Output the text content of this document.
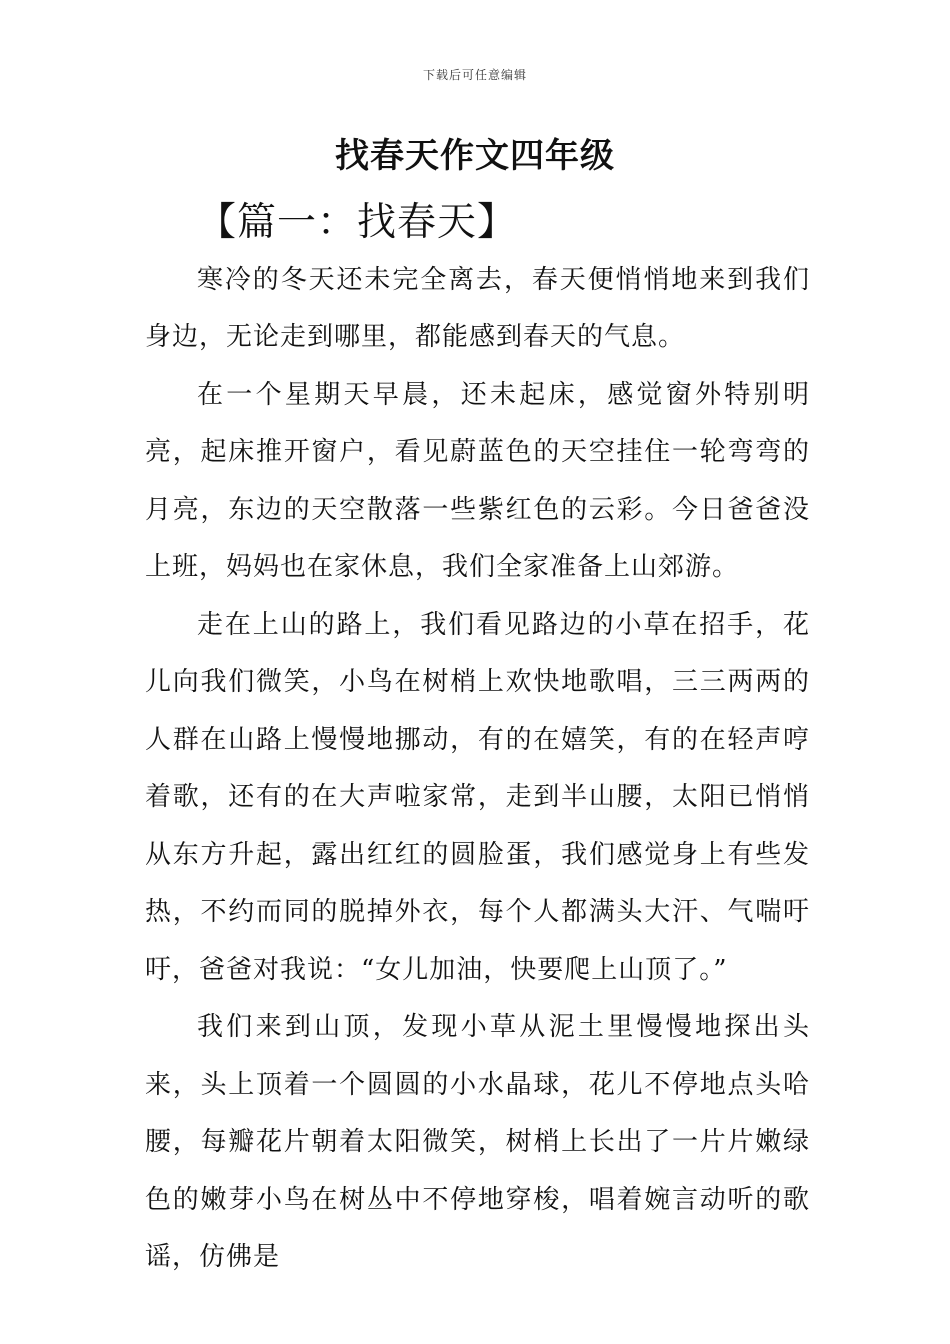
下载后可任意编辑
找春天作文四年级
【篇一：找春天】

寒冷的冬天还未完全离去，春天便悄悄地来到我们身边，无论走到哪里，都能感到春天的气息。

在一个星期天早晨，还未起床，感觉窗外特别明亮，起床推开窗户，看见蔚蓝色的天空挂住一轮弯弯的月亮，东边的天空散落一些紫红色的云彩。今日爸爸没上班，妈妈也在家休息，我们全家准备上山郊游。

走在上山的路上，我们看见路边的小草在招手，花儿向我们微笑，小鸟在树梢上欢快地歌唱，三三两两的人群在山路上慢慢地挪动，有的在嬉笑，有的在轻声哼着歌，还有的在大声啦家常，走到半山腰，太阳已悄悄从东方升起，露出红红的圆脸蛋，我们感觉身上有些发热，不约而同的脱掉外衣，每个人都满头大汗、气喘吁吁，爸爸对我说：“女儿加油，快要爬上山顶了。”

我们来到山顶，发现小草从泥土里慢慢地探出头来，头上顶着一个圆圆的小水晶球，花儿不停地点头哈腰，每瓣花片朝着太阳微笑，树梢上长出了一片片嫩绿色的嫩芽小鸟在树丛中不停地穿梭，唱着婉言动听的歌谣，仿佛是
